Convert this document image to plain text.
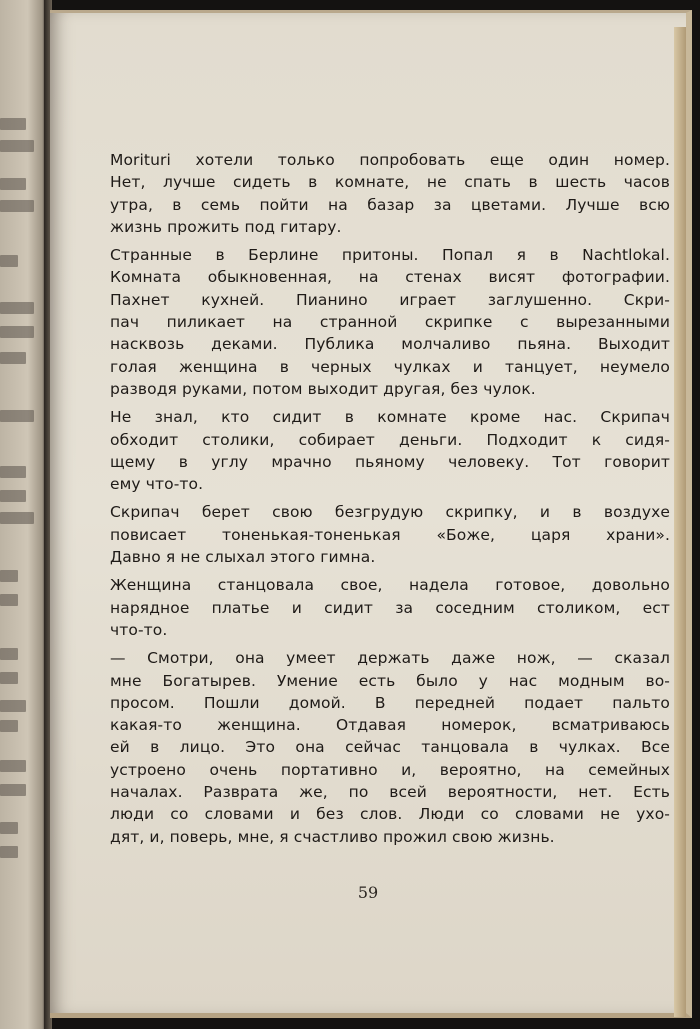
Morituri хотели только попробовать еще один номер.
Нет, лучше сидеть в комнате, не спать в шесть часов
утра, в семь пойти на базар за цветами. Лучше всю
жизнь прожить под гитару.
Странные в Берлине притоны. Попал я в Nachtlokal.
Комната обыкновенная, на стенах висят фотографии.
Пахнет кухней. Пианино играет заглушенно. Скри-
пач пиликает на странной скрипке с вырезанными
насквозь деками. Публика молчаливо пьяна. Выходит
голая женщина в черных чулках и танцует, неумело
разводя руками, потом выходит другая, без чулок.
Не знал, кто сидит в комнате кроме нас. Скрипач
обходит столики, собирает деньги. Подходит к сидя-
щему в углу мрачно пьяному человеку. Тот говорит
ему что-то.
Скрипач берет свою безгрудую скрипку, и в воздухе
повисает тоненькая-тоненькая «Боже, царя храни».
Давно я не слыхал этого гимна.
Женщина станцовала свое, надела готовое, довольно
нарядное платье и сидит за соседним столиком, ест
что-то.
— Смотри, она умеет держать даже нож, — сказал
мне Богатырев. Умение есть было у нас модным во-
просом. Пошли домой. В передней подает пальто
какая-то женщина. Отдавая номерок, всматриваюсь
ей в лицо. Это она сейчас танцовала в чулках. Все
устроено очень портативно и, вероятно, на семейных
началах. Разврата же, по всей вероятности, нет. Есть
люди со словами и без слов. Люди со словами не ухо-
дят, и, поверь, мне, я счастливо прожил свою жизнь.
59
